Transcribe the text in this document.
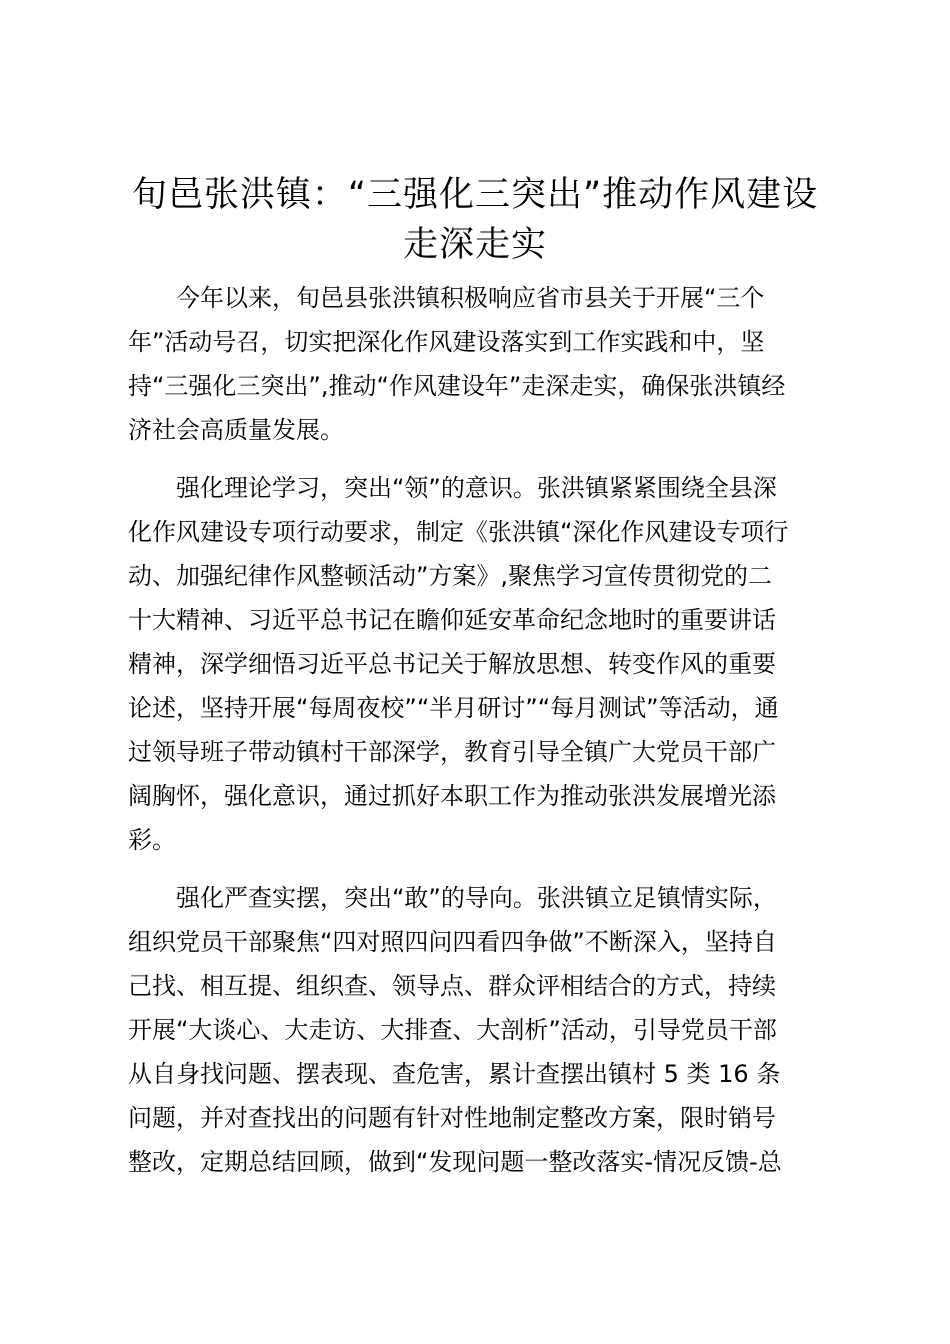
旬邑张洪镇：“三强化三突出”推动作风建设
走深走实

今年以来，旬邑县张洪镇积极响应省市县关于开展“三个
年”活动号召，切实把深化作风建设落实到工作实践和中，坚
持“三强化三突出”,推动“作风建设年”走深走实，确保张洪镇经
济社会高质量发展。

强化理论学习，突出“领”的意识。张洪镇紧紧围绕全县深
化作风建设专项行动要求，制定《张洪镇“深化作风建设专项行
动、加强纪律作风整顿活动”方案》,聚焦学习宣传贯彻党的二
十大精神、习近平总书记在瞻仰延安革命纪念地时的重要讲话
精神，深学细悟习近平总书记关于解放思想、转变作风的重要
论述，坚持开展“每周夜校”“半月研讨”“每月测试”等活动，通
过领导班子带动镇村干部深学，教育引导全镇广大党员干部广
阔胸怀，强化意识，通过抓好本职工作为推动张洪发展增光添
彩。

强化严查实摆，突出“敢”的导向。张洪镇立足镇情实际，
组织党员干部聚焦“四对照四问四看四争做”不断深入，坚持自
己找、相互提、组织查、领导点、群众评相结合的方式，持续
开展“大谈心、大走访、大排查、大剖析”活动，引导党员干部
从自身找问题、摆表现、查危害，累计查摆出镇村 5 类 16 条
问题，并对查找出的问题有针对性地制定整改方案，限时销号
整改，定期总结回顾，做到“发现问题一整改落实-情况反馈-总
